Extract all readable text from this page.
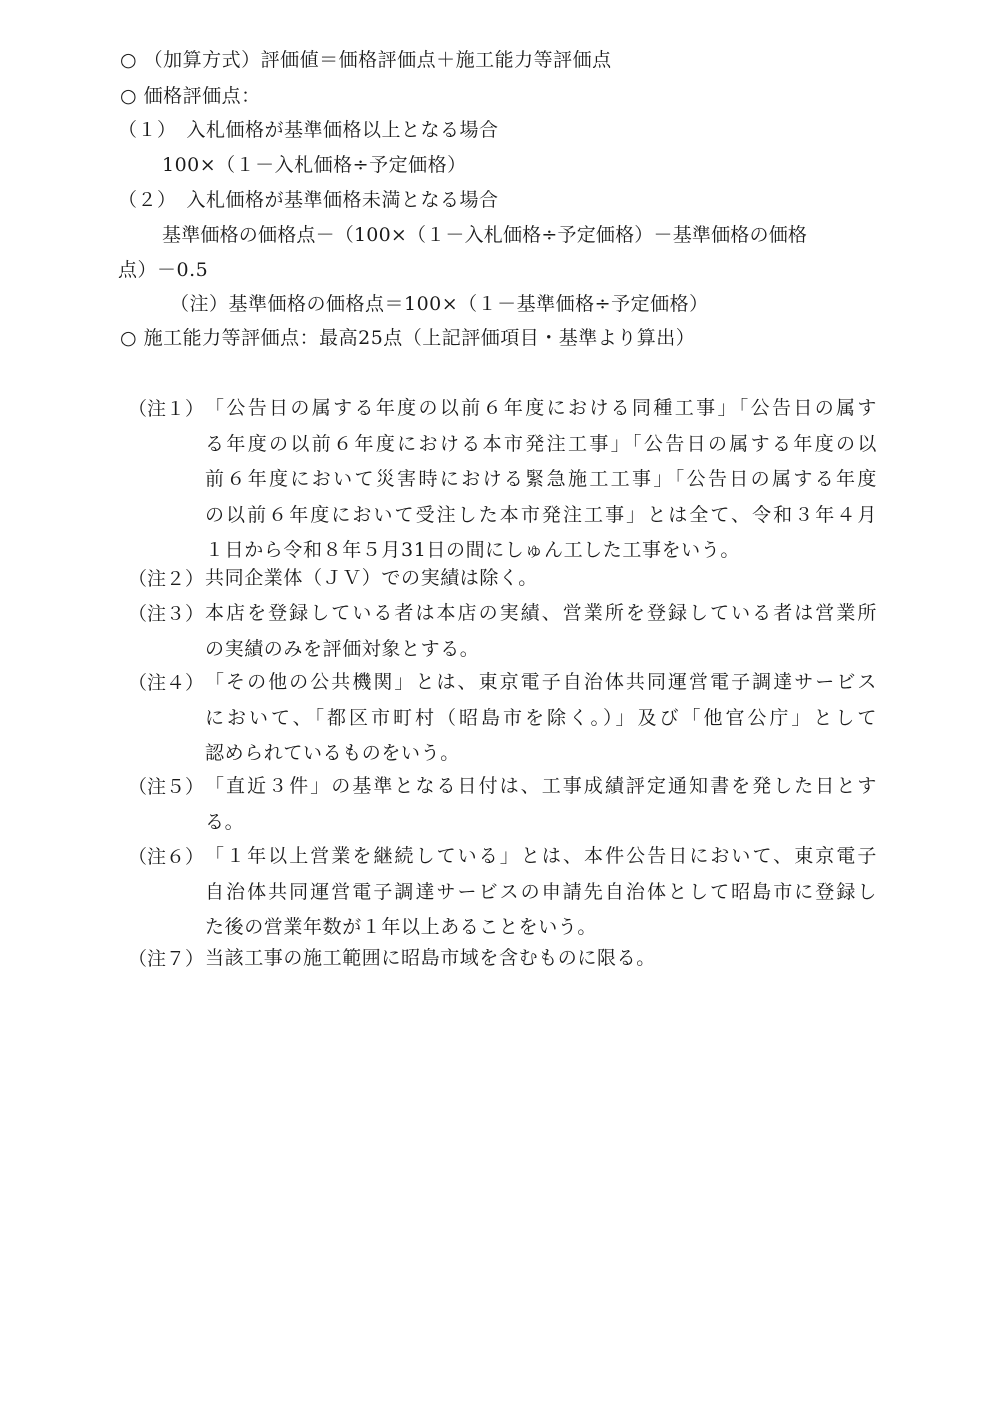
○ （加算方式）評価値＝価格評価点＋施工能力等評価点
○ 価格評価点：
（１）　入札価格が基準価格以上となる場合
100×（１－入札価格÷予定価格）
（２）　入札価格が基準価格未満となる場合
基準価格の価格点－（100×（１－入札価格÷予定価格）－基準価格の価格
点）－0.5
（注）基準価格の価格点＝100×（１－基準価格÷予定価格）
○ 施工能力等評価点：最高25点（上記評価項目・基準より算出）
（注１） 「公告日の属する年度の以前６年度における同種工事」「公告日の属す
る年度の以前６年度における本市発注工事」「公告日の属する年度の以
前６年度において災害時における緊急施工工事」「公告日の属する年度
の以前６年度において受注した本市発注工事」とは全て、令和３年４月
１日から令和８年５月31日の間にしゅん工した工事をいう。
（注２） 共同企業体（ＪＶ）での実績は除く。
（注３） 本店を登録している者は本店の実績、営業所を登録している者は営業所
の実績のみを評価対象とする。
（注４） 「その他の公共機関」とは、東京電子自治体共同運営電子調達サービス
において、「都区市町村（昭島市を除く。）」及び「他官公庁」として
認められているものをいう。
（注５） 「直近３件」の基準となる日付は、工事成績評定通知書を発した日とす
る。
（注６） 「１年以上営業を継続している」とは、本件公告日において、東京電子
自治体共同運営電子調達サービスの申請先自治体として昭島市に登録し
た後の営業年数が１年以上あることをいう。
（注７） 当該工事の施工範囲に昭島市域を含むものに限る。
